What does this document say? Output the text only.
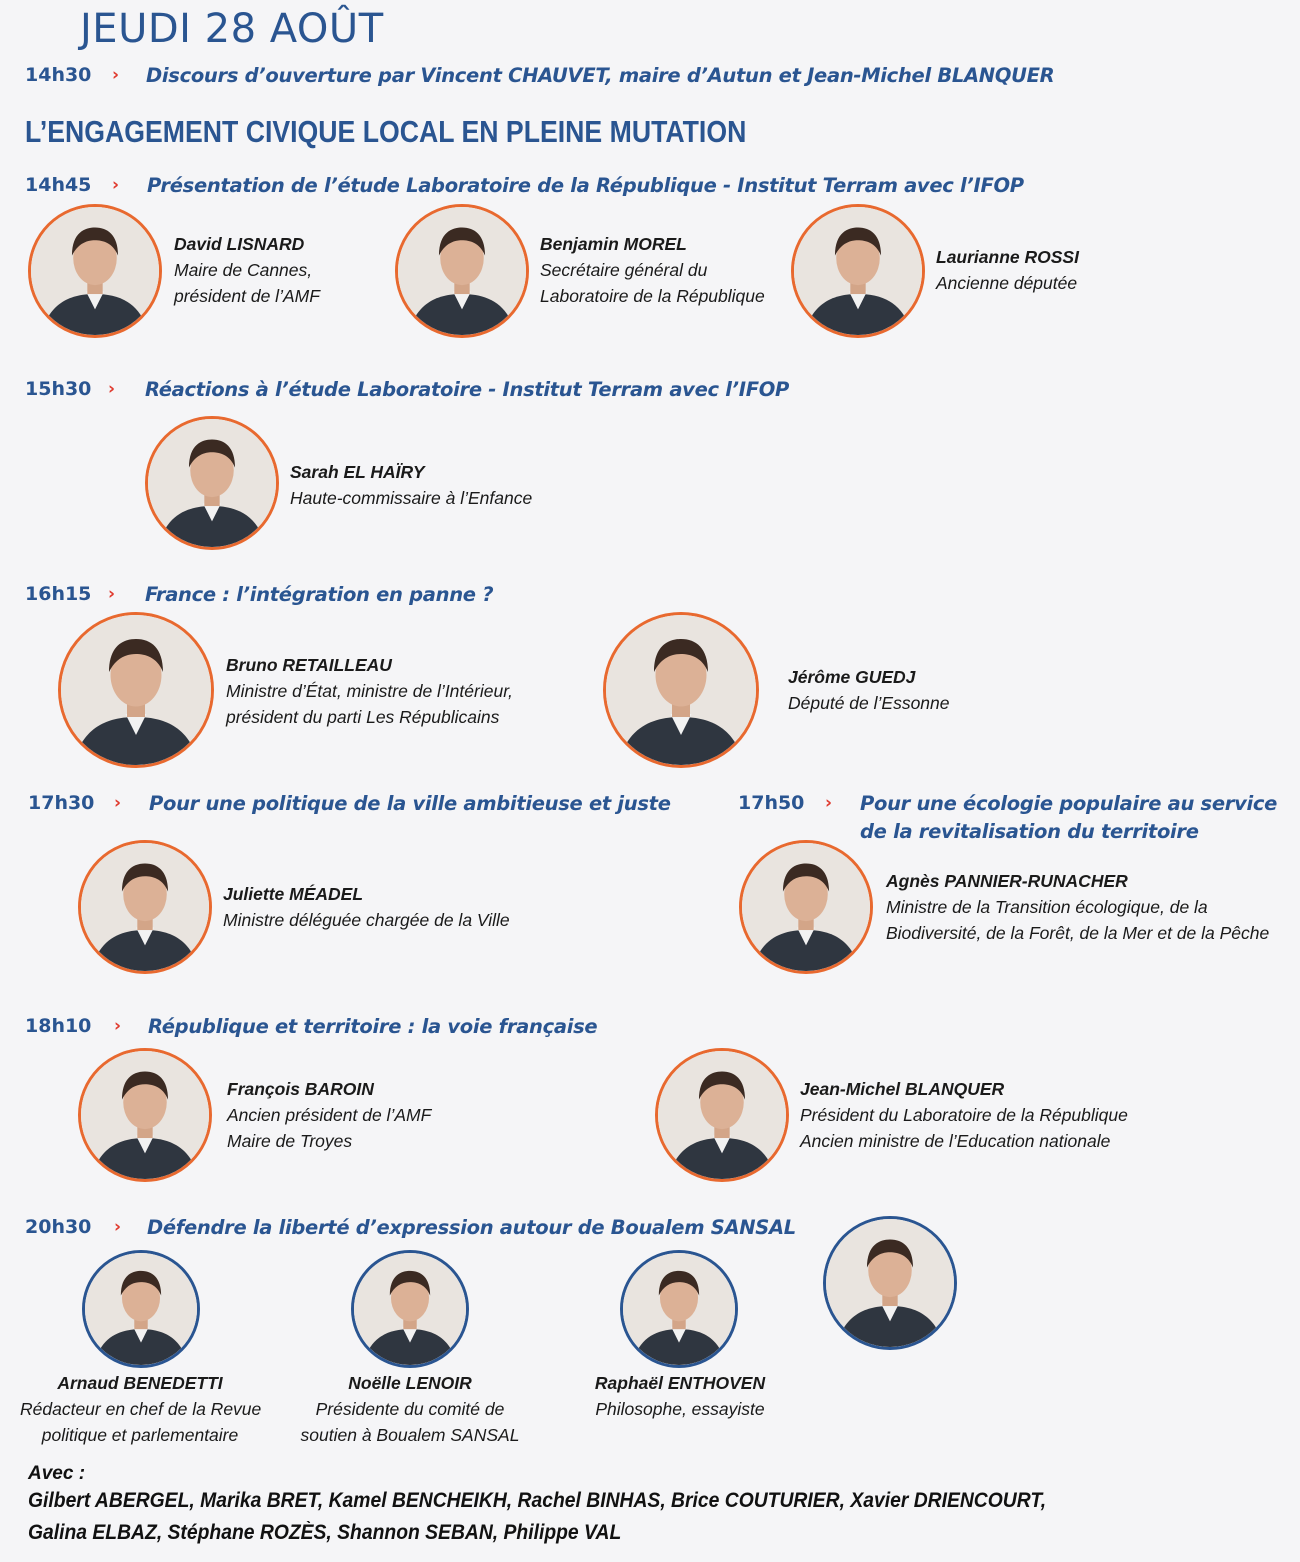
JEUDI 28 AOÛT
14h30 › Discours d’ouverture par Vincent CHAUVET, maire d’Autun et Jean-Michel BLANQUER
L’ENGAGEMENT CIVIQUE LOCAL EN PLEINE MUTATION
14h45 › Présentation de l’étude Laboratoire de la République - Institut Terram avec l’IFOP
David LISNARD
Maire de Cannes,
président de l’AMF
Benjamin MOREL
Secrétaire général du
Laboratoire de la République
Laurianne ROSSI
Ancienne députée
15h30 › Réactions à l’étude Laboratoire - Institut Terram avec l’IFOP
Sarah EL HAÏRY
Haute-commissaire à l’Enfance
16h15 › France : l’intégration en panne ?
Bruno RETAILLEAU
Ministre d’État, ministre de l’Intérieur,
président du parti Les Républicains
Jérôme GUEDJ
Député de l’Essonne
17h30 › Pour une politique de la ville ambitieuse et juste
Juliette MÉADEL
Ministre déléguée chargée de la Ville
17h50 › Pour une écologie populaire au service
de la revitalisation du territoire
Agnès PANNIER-RUNACHER
Ministre de la Transition écologique, de la
Biodiversité, de la Forêt, de la Mer et de la Pêche
18h10 › République et territoire : la voie française
François BAROIN
Ancien président de l’AMF
Maire de Troyes
Jean-Michel BLANQUER
Président du Laboratoire de la République
Ancien ministre de l’Education nationale
20h30 › Défendre la liberté d’expression autour de Boualem SANSAL
Arnaud BENEDETTI
Rédacteur en chef de la Revue
politique et parlementaire
Noëlle LENOIR
Présidente du comité de
soutien à Boualem SANSAL
Raphaël ENTHOVEN
Philosophe, essayiste
Avec :
Gilbert ABERGEL, Marika BRET, Kamel BENCHEIKH, Rachel BINHAS, Brice COUTURIER, Xavier DRIENCOURT,
Galina ELBAZ, Stéphane ROZÈS, Shannon SEBAN, Philippe VAL
